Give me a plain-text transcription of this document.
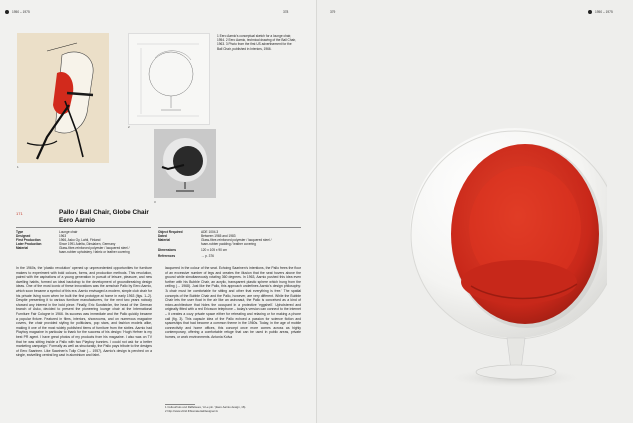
1950 – 1975	378
1
2
1 Eero Aarnio's conceptual sketch for a lounge chair, 1954. 2 Eero Aarnio, technical drawing of the Ball Chair, 1963. 3 Photo from the first US advertisement for the Ball Chair, published in Interiors, 1966.
3
171	Pallo / Ball Chair, Globe Chair
Eero Aarnio
Type	Lounge chair
Designed	1963
First Production	1966, Asko Oy, Lahti, Finland
Later Production	Since 1991 Adelta, Dinslaken, Germany
Material	Glass-fibre-reinforced polyester / lacquered steel /
foam-rubber upholstery / fabric or leather covering
Object Required	ADE 1004.3
Dated	Between 1965 and 1983
Material	Glass-fibre-reinforced polyester / lacquered steel /
foam-rubber padding / leather covering
Dimensions	120 x 105 x 90 cm
References	→ p. 376

In the 1960s, the 'plastic revolution' opened up unprecedented opportunities for furniture makers to experiment with bold colours, forms, and production methods. This revolution, paired with the aspirations of a young generation in pursuit of leisure, pleasure, and new dwelling habits, formed an ideal backdrop to the development of groundbreaking design ideas. One of the most iconic of these innovations was the armchair Pallo by Eero Aarnio, which soon became a symbol of this era. Aarnio envisaged a modern, simple club chair for his private living room when he built the first prototype at home in early 1963 (figs. 1–2). Despite presenting it to various furniture manufacturers, for the next two years nobody showed any interest in the bold piece. Finally, Eric Sundström, the head of the German branch of Asko, decided to present the pioneering lounge chair at the International Furniture Fair Cologne in 1966. Its success was immediate and the Pallo quickly became a popular fixture. Featured in films, interiors, showrooms, and on numerous magazine covers, the chair provided styling for politicians, pop stars, and fashion models alike, making it one of the most widely published items of furniture from the sixties. Aarnio had Playboy magazine in particular to thank for the success of his design: 'Hugh Hefner is my best PR agent. I have great photos of my products from his magazine. I also was on TV that he was sitting inside a Pallo with two Playboy bunnies. I could not ask for a better marketing campaign.' Formally as well as structurally, the Pallo pays tribute to the designs of Eero Saarinen. Like Saarinen's Tulip Chair (→ 1957), Aarnio's design is perched on a single, swivelling central leg cast in aluminium and fabri-

lacquered in the colour of the seat. Echoing Saarinen's intentions, the Pallo frees the floor of an excessive number of legs and creates the illusion that the seat hovers above the ground while simultaneously rotating 360 degrees. In 1963, Aarnio pushed this idea even further with his Bubble Chair, an acrylic, transparent plastic sphere which hung from the ceiling (→ 1968). Just like the Pallo, this approach underlines Aarnio's design philosophy: 'A chair must be comfortable for sitting and other that everything is free.' The spatial concepts of the Bubble Chair and the Pallo, however, are very different. While the Bubble Chair lets the user float in the air like an astronaut, the Pallo is conceived as a kind of micro-architecture that hides the occupant in a protective 'eggshell'. Upholstered and originally fitted with a red Ericsson telephone – today's version can connect to the internet – it creates a cozy private space either for retreating and relaxing or for making a phone call (fig. 3). This capsule idea of the Pallo echoed a passion for science fiction and spaceships that had become a common theme in the 1960s. Today, in the age of mobile connectivity and home offices, this concept once more comes across as highly contemporary, offering a comfortable refuge that can be used in public areas, private homes, or work environments. Antonia Kolva

1 Cultuurhuis und Raffelsees, 'A Le pin.' (Eero Aarnio design, 16).
2 http://www.vitrid.fi/biomaterial/designer.fo
379	1950 – 1975
